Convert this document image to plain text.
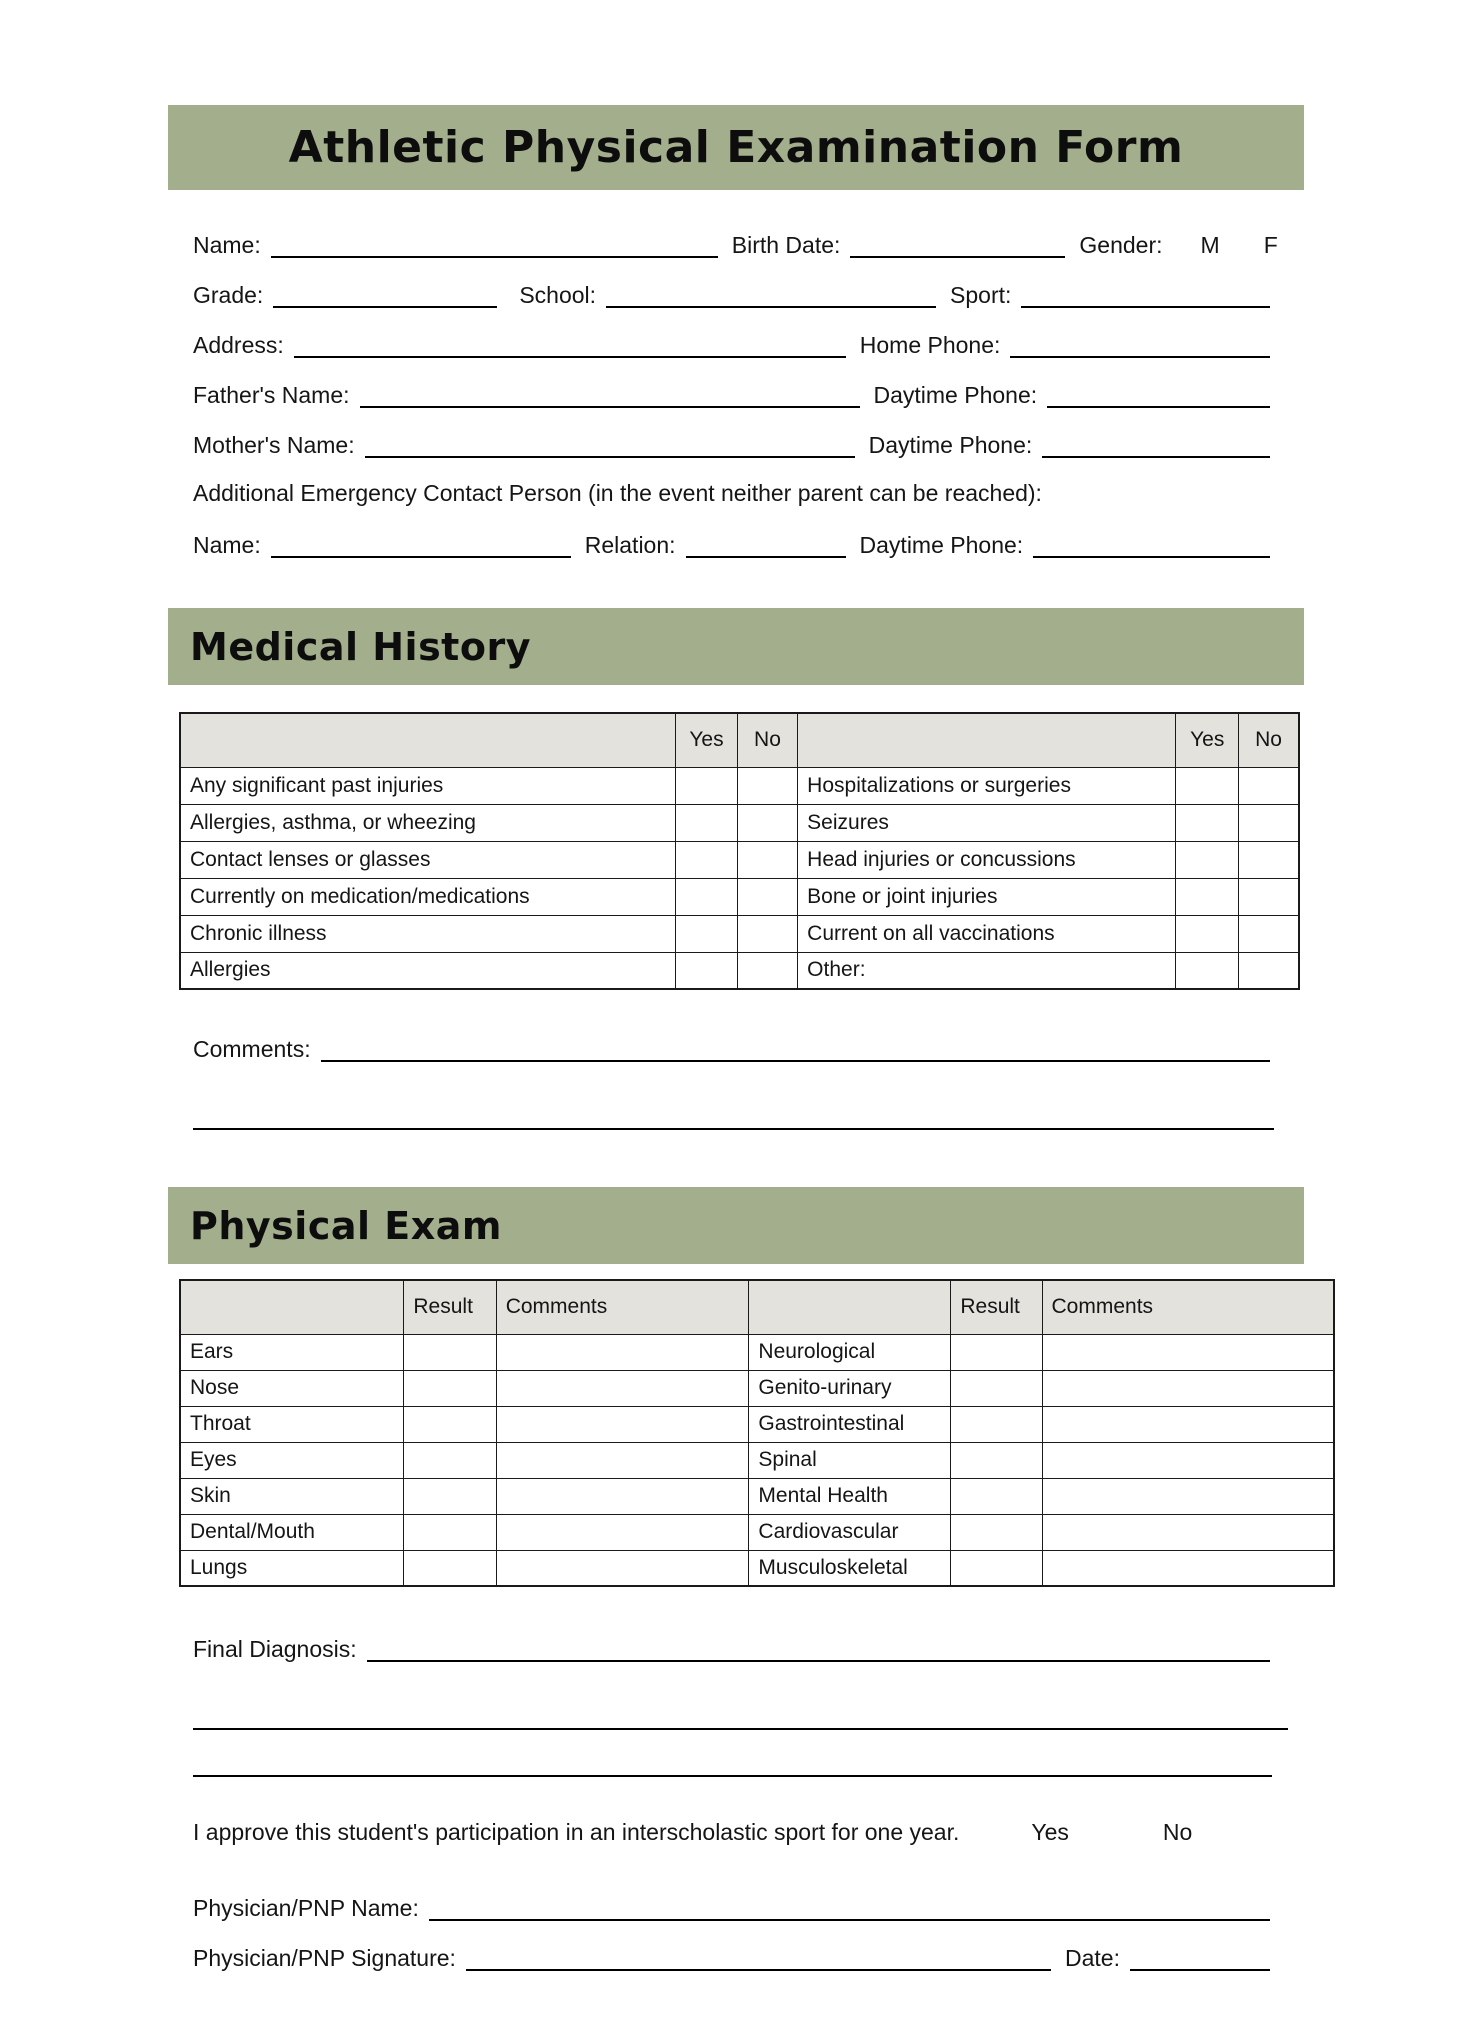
Athletic Physical Examination Form
Name:	Birth Date:	Gender: M F
Grade:	School:	Sport:
Address:	Home Phone:
Father's Name:	Daytime Phone:
Mother's Name:	Daytime Phone:
Additional Emergency Contact Person (in the event neither parent can be reached):
Name:	Relation:	Daytime Phone:
Medical History
	Yes	No		Yes	No
Any significant past injuries			Hospitalizations or surgeries		
Allergies, asthma, or wheezing			Seizures		
Contact lenses or glasses			Head injuries or concussions		
Currently on medication/medications			Bone or joint injuries		
Chronic illness			Current on all vaccinations		
Allergies			Other:		
Comments:
Physical Exam
	Result	Comments		Result	Comments
Ears			Neurological		
Nose			Genito-urinary		
Throat			Gastrointestinal		
Eyes			Spinal		
Skin			Mental Health		
Dental/Mouth			Cardiovascular		
Lungs			Musculoskeletal		
Final Diagnosis:
I approve this student's participation in an interscholastic sport for one year.	Yes	No
Physician/PNP Name:
Physician/PNP Signature:	Date:
